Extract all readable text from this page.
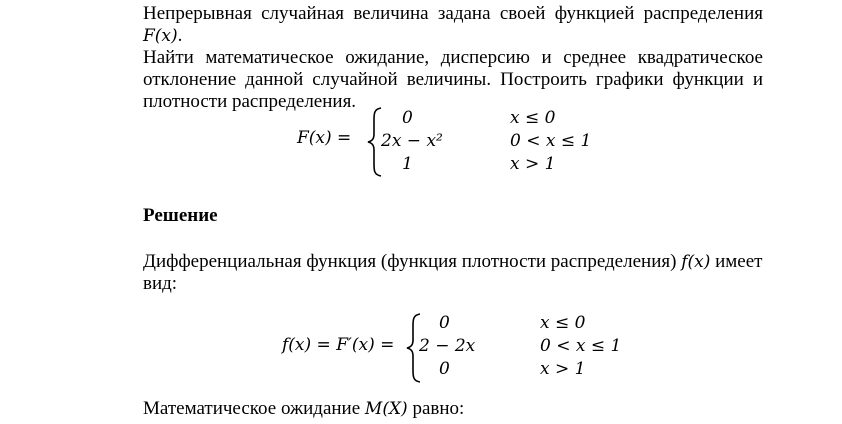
Непрерывная случайная величина задана своей функцией распределения F(x).
Найти математическое ожидание, дисперсию и среднее квадратическое
отклонение данной случайной величины. Построить графики функции и
плотности распределения.
F(x) =
0
2x − x²
1
x ≤ 0
0 < x ≤ 1
x > 1
Решение
Дифференциальная функция (функция плотности распределения) f(x) имеет
вид:
f(x) = F′(x) =
0
2 − 2x
0
x ≤ 0
0 < x ≤ 1
x > 1
Математическое ожидание M(X) равно:
